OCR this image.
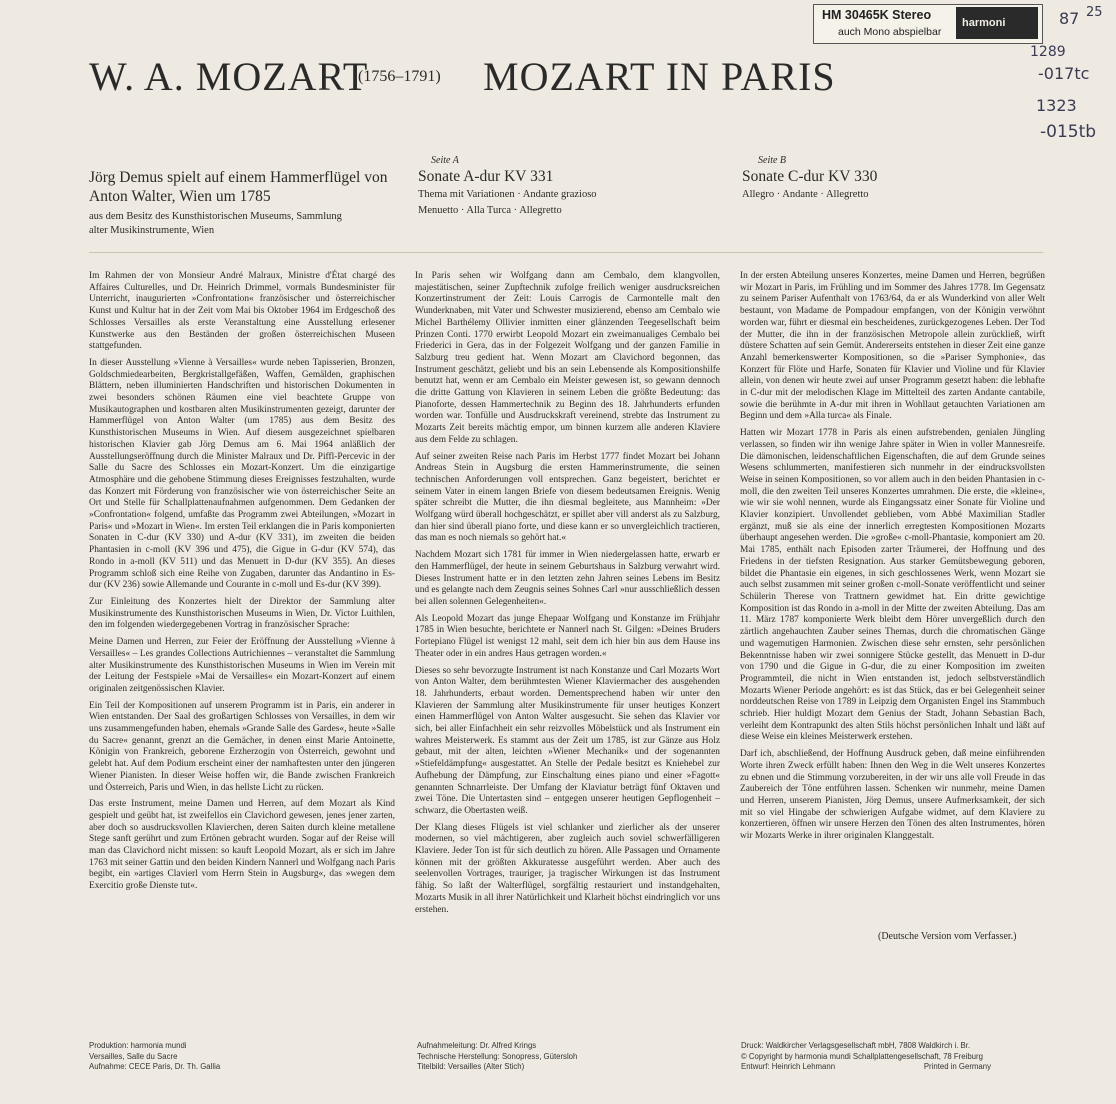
HM 30465K Stereo
auch Mono abspielbar
harmoni	87 25
1289
-017tc
1323
-015tb
W. A. MOZART
(1756–1791) MOZART IN PARIS
Jörg Demus spielt auf einem Hammerflügel von Anton Walter, Wien um 1785
aus dem Besitz des Kunsthistorischen Museums, Sammlung alter Musikinstrumente, Wien
Seite A
Sonate A-dur KV 331
Thema mit Variationen · Andante grazioso
Menuetto · Alla Turca · Allegretto
Seite B
Sonate C-dur KV 330
Allegro · Andante · Allegretto

Im Rahmen der von Monsieur André Malraux, Ministre d'État chargé des Affaires Culturelles, und Dr. Heinrich Drimmel, vormals Bundesminister für Unterricht, inaugurierten »Confrontation« französischer und österreichischer Kunst und Kultur hat in der Zeit vom Mai bis Oktober 1964 im Erdgeschoß des Schlosses Versailles als erste Veranstaltung eine Ausstellung erlesener Kunstwerke aus den Beständen der großen österreichischen Museen stattgefunden.

In dieser Ausstellung »Vienne à Versailles« wurde neben Tapisserien, Bronzen, Goldschmiedearbeiten, Bergkristallgefäßen, Waffen, Gemälden, graphischen Blättern, neben illuminierten Handschriften und historischen Dokumenten in zwei besonders schönen Räumen eine viel beachtete Gruppe von Musikautographen und kostbaren alten Musikinstrumenten gezeigt, darunter der Hammerflügel von Anton Walter (um 1785) aus dem Besitz des Kunsthistorischen Museums in Wien. Auf diesem ausgezeichnet spielbaren historischen Klavier gab Jörg Demus am 6. Mai 1964 anläßlich der Ausstellungseröffnung durch die Minister Malraux und Dr. Piffl-Percevic in der Salle du Sacre des Schlosses ein Mozart-Konzert. Um die einzigartige Atmosphäre und die gehobene Stimmung dieses Ereignisses festzuhalten, wurde das Konzert mit Förderung von französischer wie von österreichischer Seite an Ort und Stelle für Schallplattenaufnahmen aufgenommen. Dem Gedanken der »Confrontation« folgend, umfaßte das Programm zwei Abteilungen, »Mozart in Paris« und »Mozart in Wien«. Im ersten Teil erklangen die in Paris komponierten Sonaten in C-dur (KV 330) und A-dur (KV 331), im zweiten die beiden Phantasien in c-moll (KV 396 und 475), die Gigue in G-dur (KV 574), das Rondo in a-moll (KV 511) und das Menuett in D-dur (KV 355). An dieses Programm schloß sich eine Reihe von Zugaben, darunter das Andantino in Es-dur (KV 236) sowie Allemande und Courante in c-moll und Es-dur (KV 399).

Zur Einleitung des Konzertes hielt der Direktor der Sammlung alter Musikinstrumente des Kunsthistorischen Museums in Wien, Dr. Victor Luithlen, den im folgenden wiedergegebenen Vortrag in französischer Sprache:

Meine Damen und Herren, zur Feier der Eröffnung der Ausstellung »Vienne à Versailles« – Les grandes Collections Autrichiennes – veranstaltet die Sammlung alter Musikinstrumente des Kunsthistorischen Museums in Wien im Verein mit der Leitung der Festspiele »Mai de Versailles« ein Mozart-Konzert auf einem originalen zeitgenössischen Klavier.

Ein Teil der Kompositionen auf unserem Programm ist in Paris, ein anderer in Wien entstanden. Der Saal des großartigen Schlosses von Versailles, in dem wir uns zusammengefunden haben, ehemals »Grande Salle des Gardes«, heute »Salle du Sacre« genannt, grenzt an die Gemächer, in denen einst Marie Antoinette, Königin von Frankreich, geborene Erzherzogin von Österreich, gewohnt und gelebt hat. Auf dem Podium erscheint einer der namhaftesten unter den jüngeren Wiener Pianisten. In dieser Weise hoffen wir, die Bande zwischen Frankreich und Österreich, Paris und Wien, in das hellste Licht zu rücken.

Das erste Instrument, meine Damen und Herren, auf dem Mozart als Kind gespielt und geübt hat, ist zweifellos ein Clavichord gewesen, jenes jener zarten, aber doch so ausdrucksvollen Klavierchen, deren Saiten durch kleine metallene Stege sanft gerührt und zum Ertönen gebracht wurden. Sogar auf der Reise will man das Clavichord nicht missen: so kauft Leopold Mozart, als er sich im Jahre 1763 mit seiner Gattin und den beiden Kindern Nannerl und Wolfgang nach Paris begibt, ein »artiges Clavierl vom Herrn Stein in Augsburg«, das »wegen dem Exercitio große Dienste tut«.

In Paris sehen wir Wolfgang dann am Cembalo, dem klangvollen, majestätischen, seiner Zupftechnik zufolge freilich weniger ausdrucksreichen Konzertinstrument der Zeit: Louis Carrogis de Carmontelle malt den Wunderknaben, mit Vater und Schwester musizierend, ebenso am Cembalo wie Michel Barthélemy Ollivier inmitten einer glänzenden Teegesellschaft beim Prinzen Conti. 1770 erwirbt Leopold Mozart ein zweimanualiges Cembalo bei Friederici in Gera, das in der Folgezeit Wolfgang und der ganzen Familie in Salzburg treu gedient hat. Wenn Mozart am Clavichord begonnen, das Instrument geschätzt, geliebt und bis an sein Lebensende als Kompositionshilfe benutzt hat, wenn er am Cembalo ein Meister gewesen ist, so gewann dennoch die dritte Gattung von Klavieren in seinem Leben die größte Bedeutung: das Pianoforte, dessen Hammertechnik zu Beginn des 18. Jahrhunderts erfunden worden war. Tonfülle und Ausdruckskraft vereinend, strebte das Instrument zu Mozarts Zeit bereits mächtig empor, um binnen kurzem alle anderen Klaviere aus dem Felde zu schlagen.

Auf seiner zweiten Reise nach Paris im Herbst 1777 findet Mozart bei Johann Andreas Stein in Augsburg die ersten Hammerinstrumente, die seinen technischen Anforderungen voll entsprechen. Ganz begeistert, berichtet er seinem Vater in einem langen Briefe von diesem bedeutsamen Ereignis. Wenig später schreibt die Mutter, die ihn diesmal begleitete, aus Mannheim: »Der Wolfgang würd überall hochgeschätzt, er spillet aber vill anderst als zu Salzburg, dan hier sind überall piano forte, und diese kann er so unvergleichlich tractieren, das man es noch niemals so gehört hat.«

Nachdem Mozart sich 1781 für immer in Wien niedergelassen hatte, erwarb er den Hammerflügel, der heute in seinem Geburtshaus in Salzburg verwahrt wird. Dieses Instrument hatte er in den letzten zehn Jahren seines Lebens im Besitz und es gelangte nach dem Zeugnis seines Sohnes Carl »nur ausschließlich dessen bei allen solennen Gelegenheiten«.

Als Leopold Mozart das junge Ehepaar Wolfgang und Konstanze im Frühjahr 1785 in Wien besuchte, berichtete er Nannerl nach St. Gilgen: »Deines Bruders Fortepiano Flügel ist wenigst 12 mahl, seit dem ich hier bin aus dem Hause ins Theater oder in ein andres Haus getragen worden.«

Dieses so sehr bevorzugte Instrument ist nach Konstanze und Carl Mozarts Wort von Anton Walter, dem berühmtesten Wiener Klaviermacher des ausgehenden 18. Jahrhunderts, erbaut worden. Dementsprechend haben wir unter den Klavieren der Sammlung alter Musikinstrumente für unser heutiges Konzert einen Hammerflügel von Anton Walter ausgesucht. Sie sehen das Klavier vor sich, bei aller Einfachheit ein sehr reizvolles Möbelstück und als Instrument ein wahres Meisterwerk. Es stammt aus der Zeit um 1785, ist zur Gänze aus Holz gebaut, mit der alten, leichten »Wiener Mechanik« und der sogenannten »Stiefeldämpfung« ausgestattet. An Stelle der Pedale besitzt es Kniehebel zur Aufhebung der Dämpfung, zur Einschaltung eines piano und einer »Fagott« genannten Schnarrleiste. Der Umfang der Klaviatur beträgt fünf Oktaven und zwei Töne. Die Untertasten sind – entgegen unserer heutigen Gepflogenheit – schwarz, die Obertasten weiß.

Der Klang dieses Flügels ist viel schlanker und zierlicher als der unserer modernen, so viel mächtigeren, aber zugleich auch soviel schwerfälligeren Klaviere. Jeder Ton ist für sich deutlich zu hören. Alle Passagen und Ornamente können mit der größten Akkuratesse ausgeführt werden. Aber auch des seelenvollen Vortrages, trauriger, ja tragischer Wirkungen ist das Instrument fähig. So laßt der Walterflügel, sorgfältig restauriert und instandgehalten, Mozarts Musik in all ihrer Natürlichkeit und Klarheit höchst eindringlich vor uns erstehen.

In der ersten Abteilung unseres Konzertes, meine Damen und Herren, begrüßen wir Mozart in Paris, im Frühling und im Sommer des Jahres 1778. Im Gegensatz zu seinem Pariser Aufenthalt von 1763/64, da er als Wunderkind von aller Welt bestaunt, von Madame de Pompadour empfangen, von der Königin verwöhnt worden war, führt er diesmal ein bescheidenes, zurückgezogenes Leben. Der Tod der Mutter, die ihn in der französischen Metropole allein zurückließ, wirft düstere Schatten auf sein Gemüt. Andererseits entstehen in dieser Zeit eine ganze Anzahl bemerkenswerter Kompositionen, so die »Pariser Symphonie«, das Konzert für Flöte und Harfe, Sonaten für Klavier und Violine und für Klavier allein, von denen wir heute zwei auf unser Programm gesetzt haben: die lebhafte in C-dur mit der melodischen Klage im Mittelteil des zarten Andante cantabile, sowie die berühmte in A-dur mit ihren in Wohllaut getauchten Variationen am Beginn und dem »Alla turca« als Finale.

Hatten wir Mozart 1778 in Paris als einen aufstrebenden, genialen Jüngling verlassen, so finden wir ihn wenige Jahre später in Wien in voller Mannesreife. Die dämonischen, leidenschaftlichen Eigenschaften, die auf dem Grunde seines Wesens schlummerten, manifestieren sich nunmehr in der eindrucksvollsten Weise in seinen Kompositionen, so vor allem auch in den beiden Phantasien in c-moll, die den zweiten Teil unseres Konzertes umrahmen. Die erste, die »kleine«, wie wir sie wohl nennen, wurde als Eingangssatz einer Sonate für Violine und Klavier konzipiert. Unvollendet geblieben, vom Abbé Maximilian Stadler ergänzt, muß sie als eine der innerlich erregtesten Kompositionen Mozarts überhaupt angesehen werden. Die »große« c-moll-Phantasie, komponiert am 20. Mai 1785, enthält nach Episoden zarter Träumerei, der Hoffnung und des Friedens in der tiefsten Resignation. Aus starker Gemütsbewegung geboren, bildet die Phantasie ein eigenes, in sich geschlossenes Werk, wenn Mozart sie auch selbst zusammen mit seiner großen c-moll-Sonate veröffentlicht und seiner Schülerin Therese von Trattnern gewidmet hat. Ein dritte gewichtige Komposition ist das Rondo in a-moll in der Mitte der zweiten Abteilung. Das am 11. März 1787 komponierte Werk bleibt dem Hörer unvergeßlich durch den zärtlich angehauchten Zauber seines Themas, durch die chromatischen Gänge und wagemutigen Harmonien. Zwischen diese sehr ernsten, sehr persönlichen Bekenntnisse haben wir zwei sonnigere Stücke gestellt, das Menuett in D-dur von 1790 und die Gigue in G-dur, die zu einer Komposition im zweiten Programmteil, die nicht in Wien entstanden ist, jedoch selbstverständlich Mozarts Wiener Periode angehört: es ist das Stück, das er bei Gelegenheit seiner norddeutschen Reise von 1789 in Leipzig dem Organisten Engel ins Stammbuch schrieb. Hier huldigt Mozart dem Genius der Stadt, Johann Sebastian Bach, verleiht dem Kontrapunkt des alten Stils höchst persönlichen Inhalt und läßt auf diese Weise ein kleines Meisterwerk erstehen.

Darf ich, abschließend, der Hoffnung Ausdruck geben, daß meine einführenden Worte ihren Zweck erfüllt haben: Ihnen den Weg in die Welt unseres Konzertes zu ebnen und die Stimmung vorzubereiten, in der wir uns alle voll Freude in das Zaubereich der Töne entführen lassen. Schenken wir nunmehr, meine Damen und Herren, unserem Pianisten, Jörg Demus, unsere Aufmerksamkeit, der sich mit so viel Hingabe der schwierigen Aufgabe widmet, auf dem Klaviere zu konzertieren, öffnen wir unsere Herzen den Tönen des alten Instrumentes, hören wir Mozarts Werke in ihrer originalen Klanggestalt.

(Deutsche Version vom Verfasser.)
Produktion: harmonia mundi
Versailles, Salle du Sacre
Aufnahme: CECE Paris, Dr. Th. Gallia
Aufnahmeleitung: Dr. Alfred Krings
Technische Herstellung: Sonopress, Gütersloh
Titelbild: Versailles (Alter Stich)
Druck: Waldkircher Verlagsgesellschaft mbH, 7808 Waldkirch i. Br.
© Copyright by harmonia mundi Schallplattengesellschaft, 78 Freiburg
Entwurf: Heinrich Lehmann	Printed in Germany
